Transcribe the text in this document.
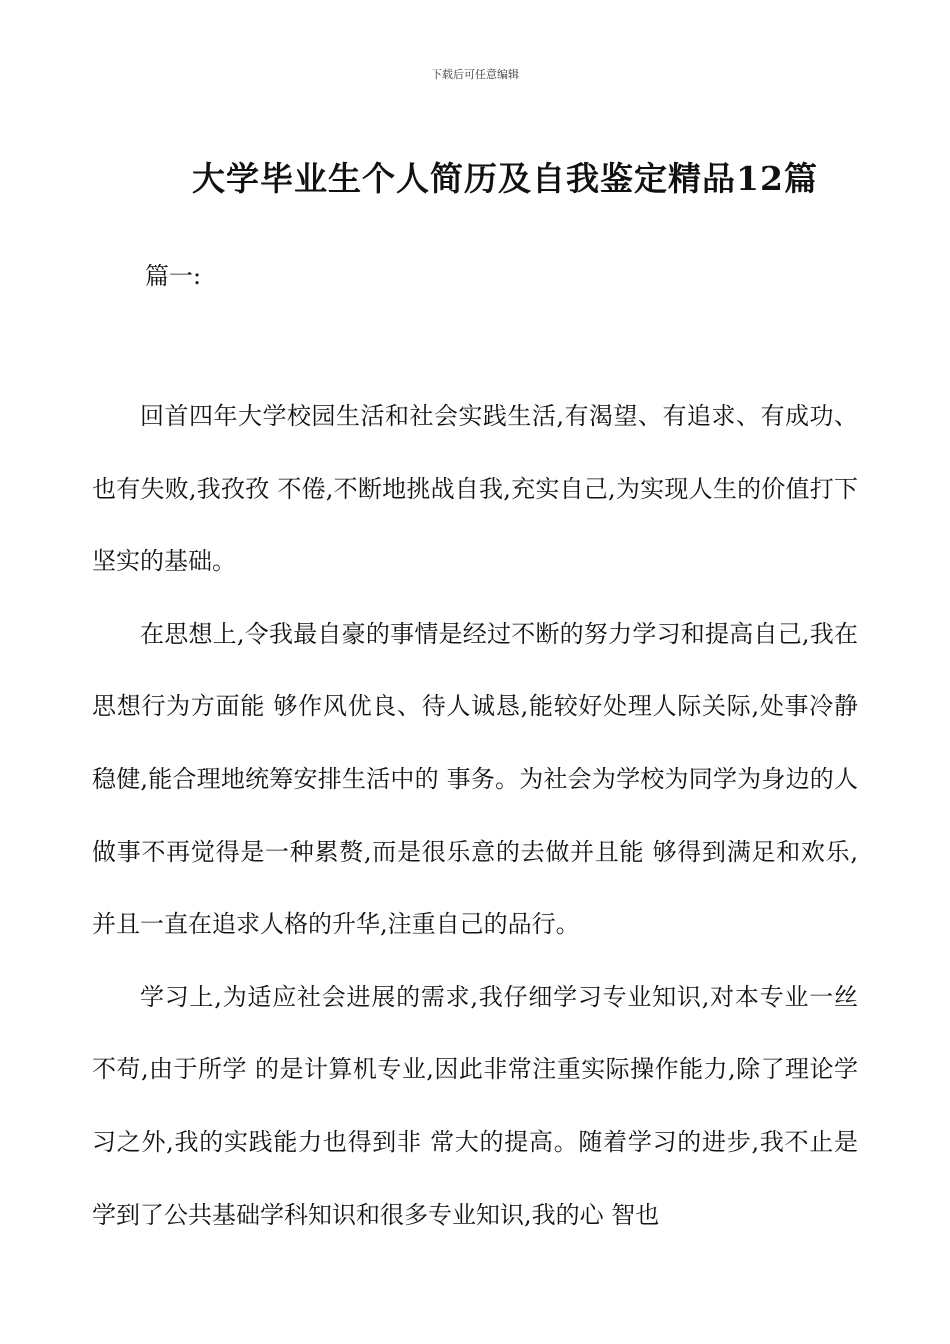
下载后可任意编辑
大学毕业生个人简历及自我鉴定精品12篇
篇一:

回首四年大学校园生活和社会实践生活,有渴望、有追求、有成功、也有失败,我孜孜 不倦,不断地挑战自我,充实自己,为实现人生的价值打下坚实的基础。

在思想上,令我最自豪的事情是经过不断的努力学习和提高自己,我在思想行为方面能 够作风优良、待人诚恳,能较好处理人际关际,处事冷静稳健,能合理地统筹安排生活中的 事务。为社会为学校为同学为身边的人做事不再觉得是一种累赘,而是很乐意的去做并且能 够得到满足和欢乐,并且一直在追求人格的升华,注重自己的品行。

学习上,为适应社会进展的需求,我仔细学习专业知识,对本专业一丝不苟,由于所学 的是计算机专业,因此非常注重实际操作能力,除了理论学习之外,我的实践能力也得到非 常大的提高。随着学习的进步,我不止是学到了公共基础学科知识和很多专业知识,我的心 智也
